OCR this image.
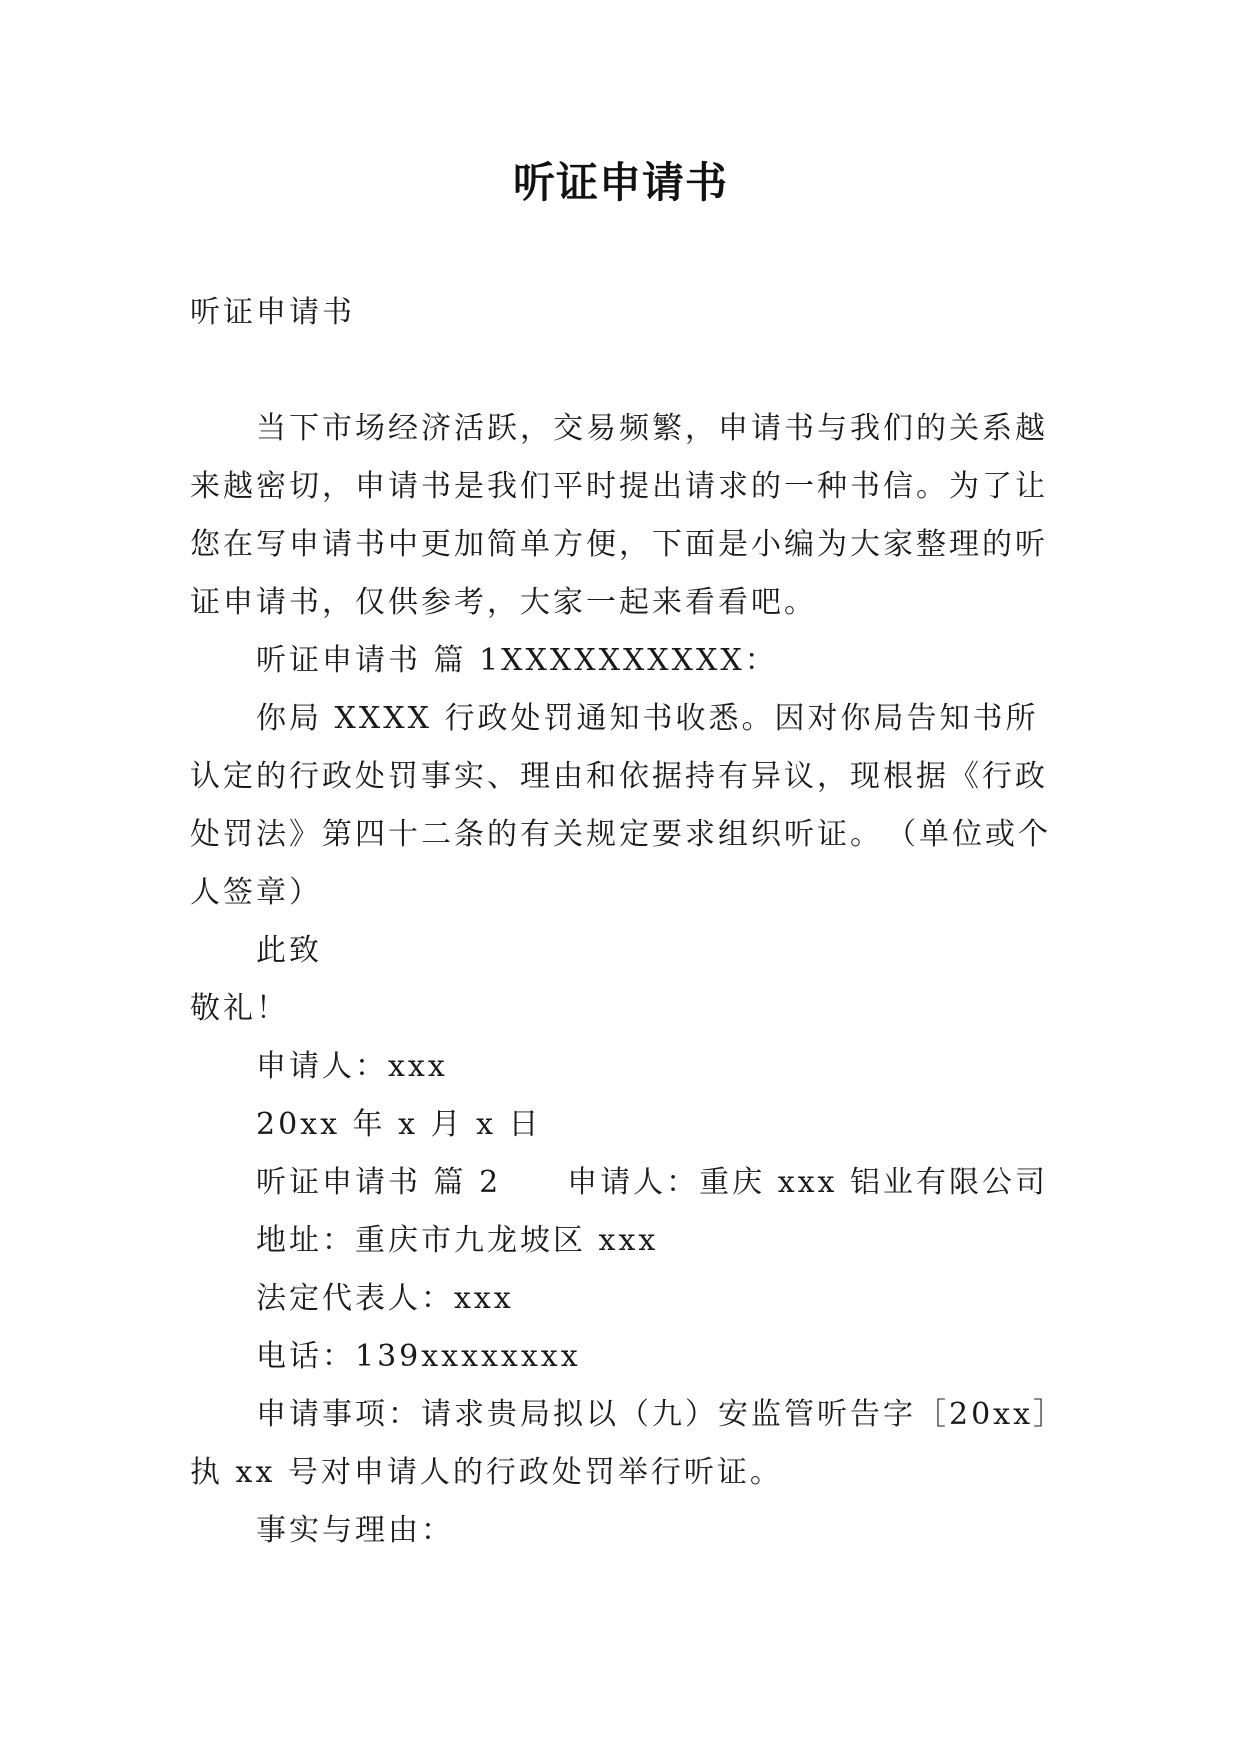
听证申请书
听证申请书
当下市场经济活跃，交易频繁，申请书与我们的关系越来越密切，申请书是我们平时提出请求的一种书信。为了让您在写申请书中更加简单方便，下面是小编为大家整理的听证申请书，仅供参考，大家一起来看看吧。
听证申请书 篇 1XXXXXXXXXX：
你局 XXXX 行政处罚通知书收悉。因对你局告知书所认定的行政处罚事实、理由和依据持有异议，现根据《行政处罚法》第四十二条的有关规定要求组织听证。　（单位或个人签章）
此致
敬礼！
申请人：xxx
20xx 年 x 月 x 日
听证申请书 篇 2　　申请人：重庆 xxx 铝业有限公司
地址：重庆市九龙坡区 xxx
法定代表人：xxx
电话：139xxxxxxxx
申请事项：请求贵局拟以（九）安监管听告字［20xx］执 xx 号对申请人的行政处罚举行听证。
事实与理由：
